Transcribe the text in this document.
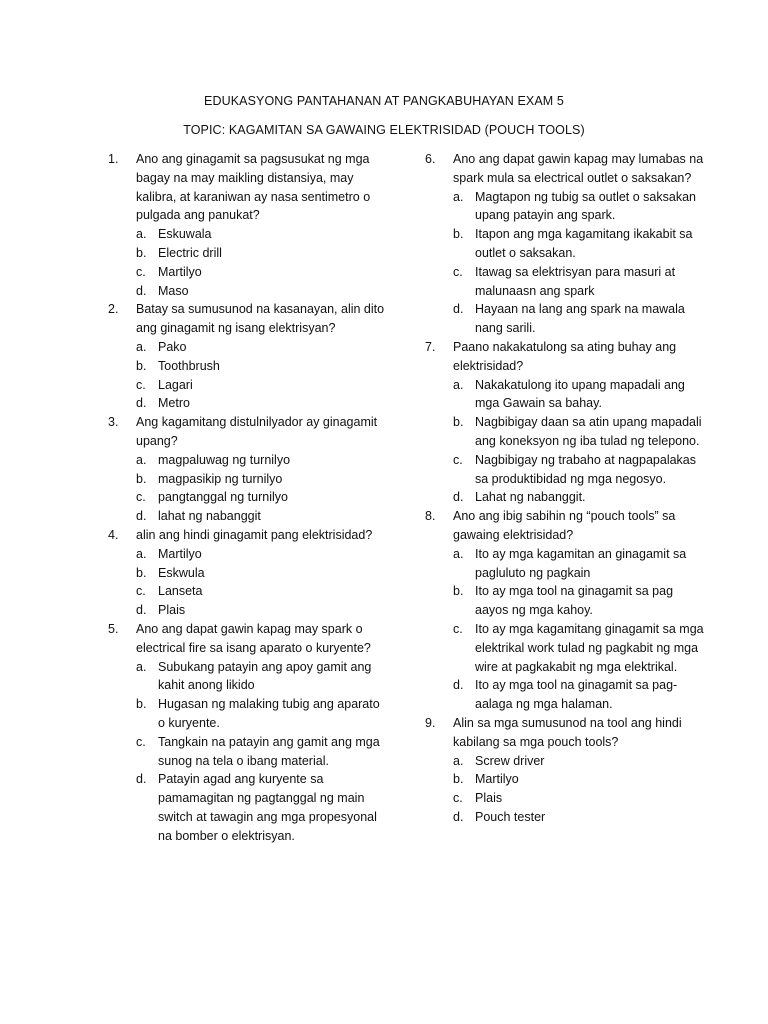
EDUKASYONG PANTAHANAN AT PANGKABUHAYAN EXAM 5
TOPIC: KAGAMITAN SA GAWAING ELEKTRISIDAD (POUCH TOOLS)
1. Ano ang ginagamit sa pagsusukat ng mga bagay na may maikling distansiya, may kalibra, at karaniwan ay nasa sentimetro o pulgada ang panukat?
a. Eskuwala
b. Electric drill
c. Martilyo
d. Maso
2. Batay sa sumusunod na kasanayan, alin dito ang ginagamit ng isang elektrisyan?
a. Pako
b. Toothbrush
c. Lagari
d. Metro
3. Ang kagamitang distulnilyador ay ginagamit upang?
a. magpaluwag ng turnilyo
b. magpasikip ng turnilyo
c. pangtanggal ng turnilyo
d. lahat ng nabanggit
4. alin ang hindi ginagamit pang elektrisidad?
a. Martilyo
b. Eskwula
c. Lanseta
d. Plais
5. Ano ang dapat gawin kapag may spark o electrical fire sa isang aparato o kuryente?
a. Subukang patayin ang apoy gamit ang kahit anong likido
b. Hugasan ng malaking tubig ang aparato o kuryente.
c. Tangkain na patayin ang gamit ang mga sunog na tela o ibang material.
d. Patayin agad ang kuryente sa pamamagitan ng pagtanggal ng main switch at tawagin ang mga propesyonal na bomber o elektrisyan.
6. Ano ang dapat gawin kapag may lumabas na spark mula sa electrical outlet o saksakan?
a. Magtapon ng tubig sa outlet o saksakan upang patayin ang spark.
b. Itapon ang mga kagamitang ikakabit sa outlet o saksakan.
c. Itawag sa elektrisyan para masuri at malunaasn ang spark
d. Hayaan na lang ang spark na mawala nang sarili.
7. Paano nakakatulong sa ating buhay ang elektrisidad?
a. Nakakatulong ito upang mapadali ang mga Gawain sa bahay.
b. Nagbibigay daan sa atin upang mapadali ang koneksyon ng iba tulad ng telepono.
c. Nagbibigay ng trabaho at nagpapalakas sa produktibidad ng mga negosyo.
d. Lahat ng nabanggit.
8. Ano ang ibig sabihin ng “pouch tools” sa gawaing elektrisidad?
a. Ito ay mga kagamitan an ginagamit sa pagluluto ng pagkain
b. Ito ay mga tool na ginagamit sa pag aayos ng mga kahoy.
c. Ito ay mga kagamitang ginagamit sa mga elektrikal work tulad ng pagkabit ng mga wire at pagkakabit ng mga elektrikal.
d. Ito ay mga tool na ginagamit sa pag-aalaga ng mga halaman.
9. Alin sa mga sumusunod na tool ang hindi kabilang sa mga pouch tools?
a. Screw driver
b. Martilyo
c. Plais
d. Pouch tester
